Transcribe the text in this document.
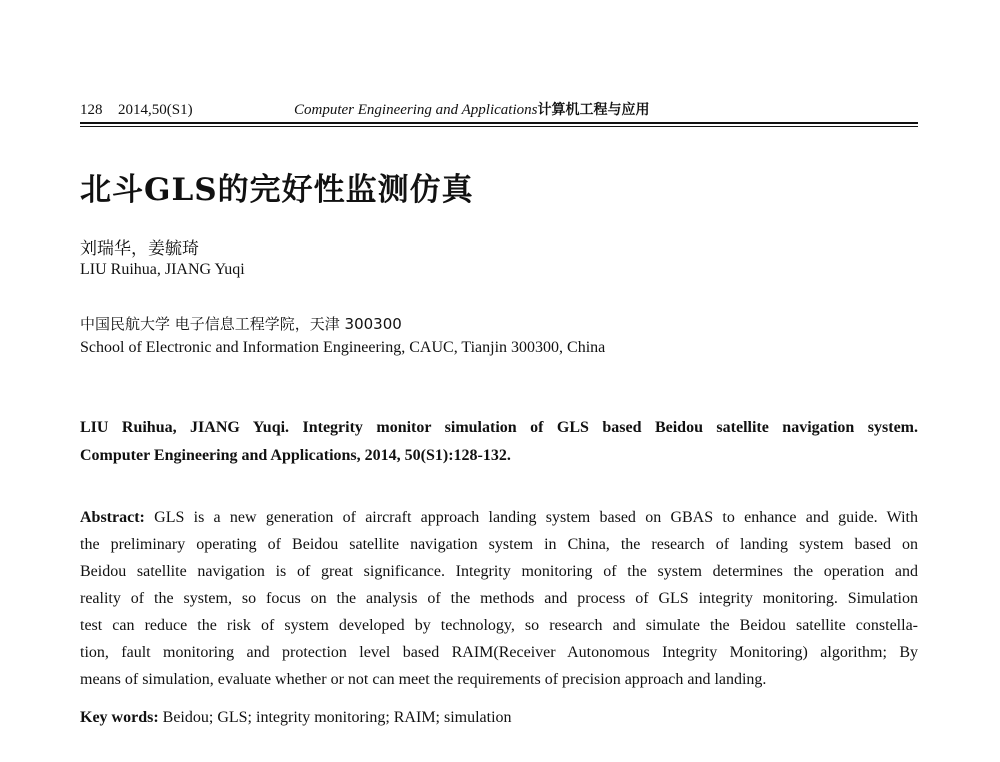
128 2014,50(S1)	Computer Engineering and Applications计算机工程与应用
北斗GLS的完好性监测仿真
刘瑞华，姜毓琦
LIU Ruihua, JIANG Yuqi
中国民航大学 电子信息工程学院，天津 300300
School of Electronic and Information Engineering, CAUC, Tianjin 300300, China
LIU Ruihua, JIANG Yuqi. Integrity monitor simulation of GLS based Beidou satellite navigation system.
Computer Engineering and Applications, 2014, 50(S1):128-132.
Abstract: GLS is a new generation of aircraft approach landing system based on GBAS to enhance and guide. With
the preliminary operating of Beidou satellite navigation system in China, the research of landing system based on
Beidou satellite navigation is of great significance. Integrity monitoring of the system determines the operation and
reality of the system, so focus on the analysis of the methods and process of GLS integrity monitoring. Simulation
test can reduce the risk of system developed by technology, so research and simulate the Beidou satellite constella-
tion, fault monitoring and protection level based RAIM(Receiver Autonomous Integrity Monitoring) algorithm; By
means of simulation, evaluate whether or not can meet the requirements of precision approach and landing.
Key words: Beidou; GLS; integrity monitoring; RAIM; simulation
